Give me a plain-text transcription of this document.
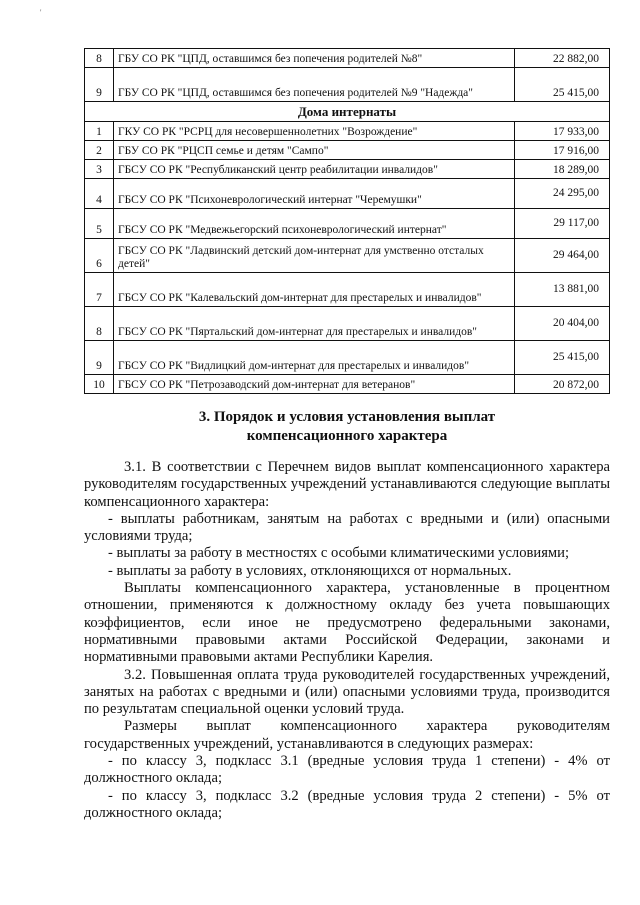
'
8	ГБУ СО РК "ЦПД, оставшимся без попечения родителей №8"	22 882,00
9	ГБУ СО РК "ЦПД, оставшимся без попечения родителей №9 "Надежда"	25 415,00
Дома интернаты		
1	ГКУ СО РК "РСРЦ для несовершеннолетних "Возрождение"	17 933,00
2	ГБУ СО РК "РЦСП семье и детям "Сампо"	17 916,00
3	ГБСУ СО РК "Республиканский центр реабилитации инвалидов"	18 289,00
4	ГБСУ СО РК "Психоневрологический интернат "Черемушки"	24 295,00
5	ГБСУ СО РК "Медвежьегорский психоневрологический интернат"	29 117,00
6	ГБСУ СО РК "Ладвинский детский дом-интернат для умственно отсталых детей"	29 464,00
7	ГБСУ СО РК "Калевальский дом-интернат для престарелых и инвалидов"	13 881,00
8	ГБСУ СО РК "Пяртальский дом-интернат для престарелых и инвалидов"	20 404,00
9	ГБСУ СО РК "Видлицкий дом-интернат для престарелых и инвалидов"	25 415,00
10	ГБСУ СО РК "Петрозаводский дом-интернат для ветеранов"	20 872,00
3. Порядок и условия установления выплат
компенсационного характера

3.1. В соответствии с Перечнем видов выплат компенсационного характера руководителям государственных учреждений устанавливаются следующие выплаты компенсационного характера:

- выплаты работникам, занятым на работах с вредными и (или) опасными условиями труда;

- выплаты за работу в местностях с особыми климатическими условиями;

- выплаты за работу в условиях, отклоняющихся от нормальных.

Выплаты компенсационного характера, установленные в процентном отношении, применяются к должностному окладу без учета повышающих коэффициентов, если иное не предусмотрено федеральными законами, нормативными правовыми актами Российской Федерации, законами и нормативными правовыми актами Республики Карелия.

3.2. Повышенная оплата труда руководителей государственных учреждений, занятых на работах с вредными и (или) опасными условиями труда, производится по результатам специальной оценки условий труда.

Размеры выплат компенсационного характера руководителям государственных учреждений, устанавливаются в следующих размерах:

- по классу 3, подкласс 3.1 (вредные условия труда 1 степени) - 4% от должностного оклада;

- по классу 3, подкласс 3.2 (вредные условия труда 2 степени) - 5% от должностного оклада;
